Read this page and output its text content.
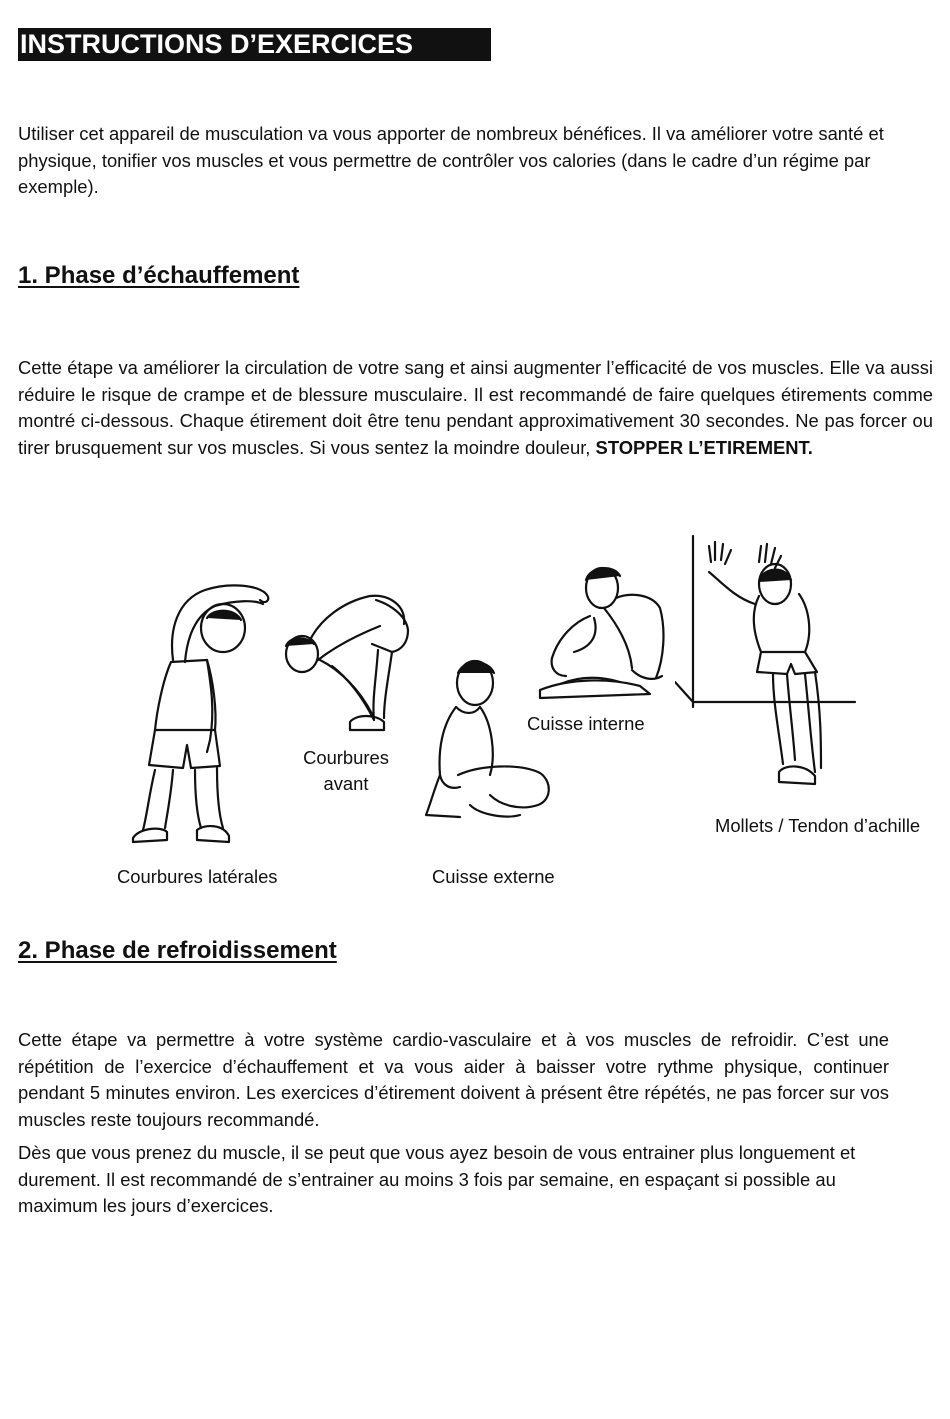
INSTRUCTIONS D’EXERCICES

Utiliser cet appareil de musculation va vous apporter de nombreux bénéfices. Il va améliorer votre santé et physique, tonifier vos muscles et vous permettre de contrôler vos calories (dans le cadre d’un régime par exemple).

1. Phase d’échauffement

Cette étape va améliorer la circulation de votre sang et ainsi augmenter l’efficacité de vos muscles. Elle va aussi réduire le risque de crampe et de blessure musculaire. Il est recommandé de faire quelques étirements comme montré ci-dessous. Chaque étirement doit être tenu pendant approximativement 30 secondes. Ne pas forcer ou tirer brusquement sur vos muscles. Si vous sentez la moindre douleur, STOPPER L’ETIREMENT.

Courbures latérales
Courbures
avant
Cuisse externe
Cuisse interne
Mollets / Tendon d’achille
2. Phase de refroidissement

Cette étape va permettre à votre système cardio-vasculaire et à vos muscles de refroidir. C’est une répétition de l’exercice d’échauffement et va vous aider à baisser votre rythme physique, continuer pendant 5 minutes environ. Les exercices d’étirement doivent à présent être répétés, ne pas forcer sur vos muscles reste toujours recommandé.

Dès que vous prenez du muscle, il se peut que vous ayez besoin de vous entrainer plus longuement et durement. Il est recommandé de s’entrainer au moins 3 fois par semaine, en espaçant si possible au maximum les jours d’exercices.
